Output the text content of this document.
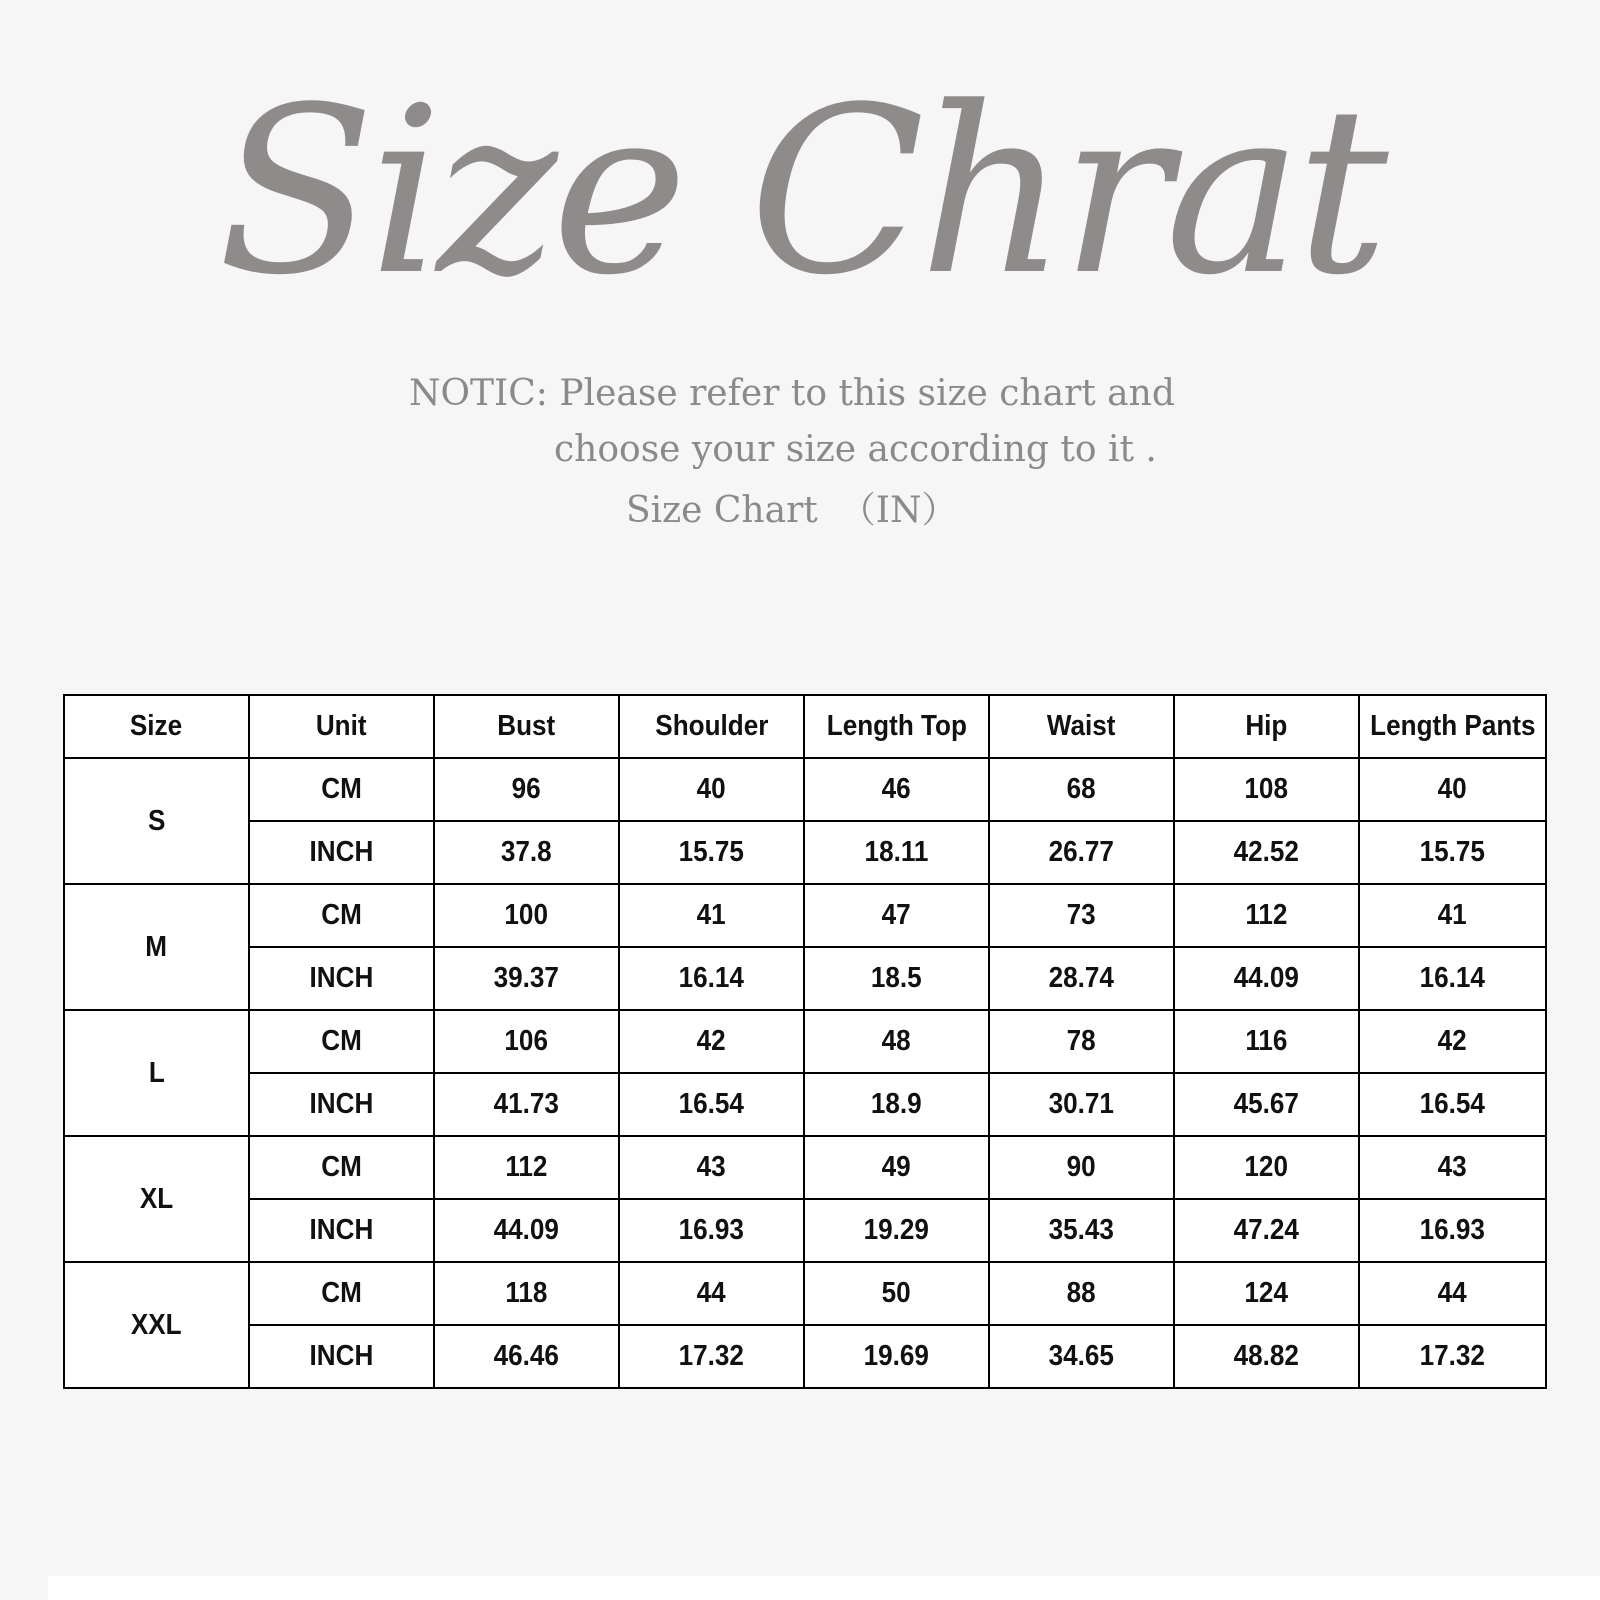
Size Chrat
NOTIC: Please refer to this size chart and
choose your size according to it .
Size Chart （IN）
Size	Unit	Bust	Shoulder	Length Top	Waist	Hip	Length Pants
S	CM	96	40	46	68	108	40
	INCH	37.8	15.75	18.11	26.77	42.52	15.75
M	CM	100	41	47	73	112	41
	INCH	39.37	16.14	18.5	28.74	44.09	16.14
L	CM	106	42	48	78	116	42
	INCH	41.73	16.54	18.9	30.71	45.67	16.54
XL	CM	112	43	49	90	120	43
	INCH	44.09	16.93	19.29	35.43	47.24	16.93
XXL	CM	118	44	50	88	124	44
	INCH	46.46	17.32	19.69	34.65	48.82	17.32
